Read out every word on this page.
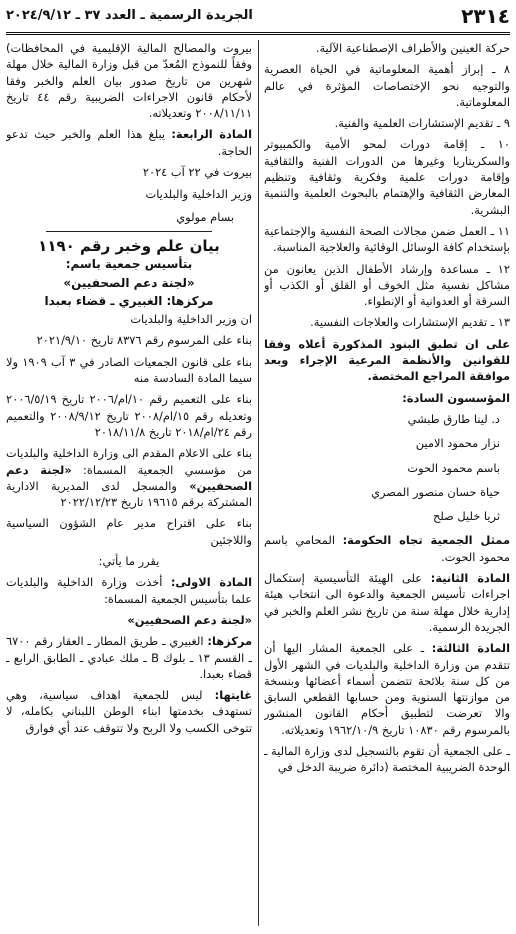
٢٣١٤
الجريدة الرسمية ـ العدد ٣٧ ـ ٢٠٢٤/٩/١٢

حركة العينين والأطراف الإصطناعية الآلية.

٨ ـ إبراز أهمية المعلوماتية في الحياة العصرية والتوجيه نحو الإختصاصات المؤثرة في عالم المعلوماتية.

٩ ـ تقديم الإستشارات العلمية والفنية.

١٠ ـ إقامة دورات لمحو الأمية والكمبيوتر والسكريتاريا وغيرها من الدورات الفنية والثقافية وإقامة دورات علمية وفكرية وثقافية وتنظيم المعارض الثقافية والإهتمام بالبحوث العلمية والتنمية البشرية.

١١ ـ العمل ضمن مجالات الصحة النفسية والإجتماعية بإستخدام كافة الوسائل الوقائية والعلاجية المناسبة.

١٢ ـ مساعدة وإرشاد الأطفال الذين يعانون من مشاكل نفسية مثل الخوف أو القلق أو الكذب أو السرقة أو العدوانية أو الإنطواء.

١٣ ـ تقديم الإستشارات والعلاجات النفسية.

على ان تطبق البنود المذكورة أعلاه وفقا للقوانين والأنظمة المرعية الإجراء وبعد موافقة المراجع المختصة.

المؤسسون السادة:

د. لينا طارق طبشي

نزار محمود الامين

باسم محمود الحوت

حياة حسان منصور المصري

ثريا خليل صلح

ممثل الجمعية تجاه الحكومة: المحامي باسم محمود الحوت.

المادة الثانية: على الهيئة التأسيسية إستكمال اجراءات تأسيس الجمعية والدعوة الى انتخاب هيئة إدارية خلال مهلة سنة من تاريخ نشر العلم والخبر في الجريدة الرسمية.

المادة الثالثة: ـ على الجمعية المشار اليها أن تتقدم من وزارة الداخلية والبلديات في الشهر الأول من كل سنة بلائحة تتضمن أسماء أعضائها وبنسخة من موازنتها السنوية ومن حسابها القطعي السابق والا تعرضت لتطبيق أحكام القانون المنشور بالمرسوم رقم ١٠٨٣٠ تاريخ ١٩٦٢/١٠/٩ وتعديلاته.

ـ على الجمعية أن تقوم بالتسجيل لدى وزارة المالية ـ الوحدة الضريبية المختصة (دائرة ضريبة الدخل في

بيروت والمصالح المالية الإقليمية في المحافظات) وفقاً للنموذج المُعدّ من قبل وزارة المالية خلال مهلة شهرين من تاريخ صدور بيان العلم والخبر وفقا لأحكام قانون الاجراءات الضريبية رقم ٤٤ تاريخ ٢٠٠٨/١١/١١ وتعديلاته.

المادة الرابعة: يبلغ هذا العلم والخبر حيث تدعو الحاجة.

بيروت في ٢٢ آب ٢٠٢٤

وزير الداخلية والبلديات

بسام مولوي

بيان علم وخبر رقم ١١٩٠

بتأسيس جمعية باسم:

«لجنة دعم الصحفيين»

مركزها: الغبيري ـ قضاء بعبدا

ان وزير الداخلية والبلديات

بناء على المرسوم رقم ٨٣٧٦ تاريخ ٢٠٢١/٩/١٠

بناء على قانون الجمعيات الصادر في ٣ آب ١٩٠٩ ولا سيما المادة السادسة منه

بناء على التعميم رقم ١٠/ام/٢٠٠٦ تاريخ ٢٠٠٦/٥/١٩ وتعديله رقم ١٥/ام/٢٠٠٨ تاريخ ٢٠٠٨/٩/١٢ والتعميم رقم ٢٤/ام/٢٠١٨ تاريخ ٢٠١٨/١١/٨

بناء على الاعلام المقدم الى وزارة الداخلية والبلديات من مؤسسي الجمعية المسماة: «لجنة دعم الصحفيين» والمسجل لدى المديرية الادارية المشتركة برقم ١٩٦١٥ تاريخ ٢٠٢٢/١٢/٢٣

بناء على اقتراح مدير عام الشؤون السياسية واللاجئين

يقرر ما يأتي:

المادة الاولى: أخذت وزارة الداخلية والبلديات علما بتأسيس الجمعية المسماة:

«لجنة دعم الصحفيين»

مركزها: الغبيري ـ طريق المطار ـ العقار رقم ٦٧٠٠ ـ القسم ١٣ ـ بلوك B ـ ملك عبادي ـ الطابق الرابع ـ قضاء بعبدا.

غايتها: ليس للجمعية اهداف سياسية، وهي تستهدف بخدمتها ابناء الوطن اللبناني بكامله، لا تتوخى الكسب ولا الربح ولا تتوقف عند أي فوارق
